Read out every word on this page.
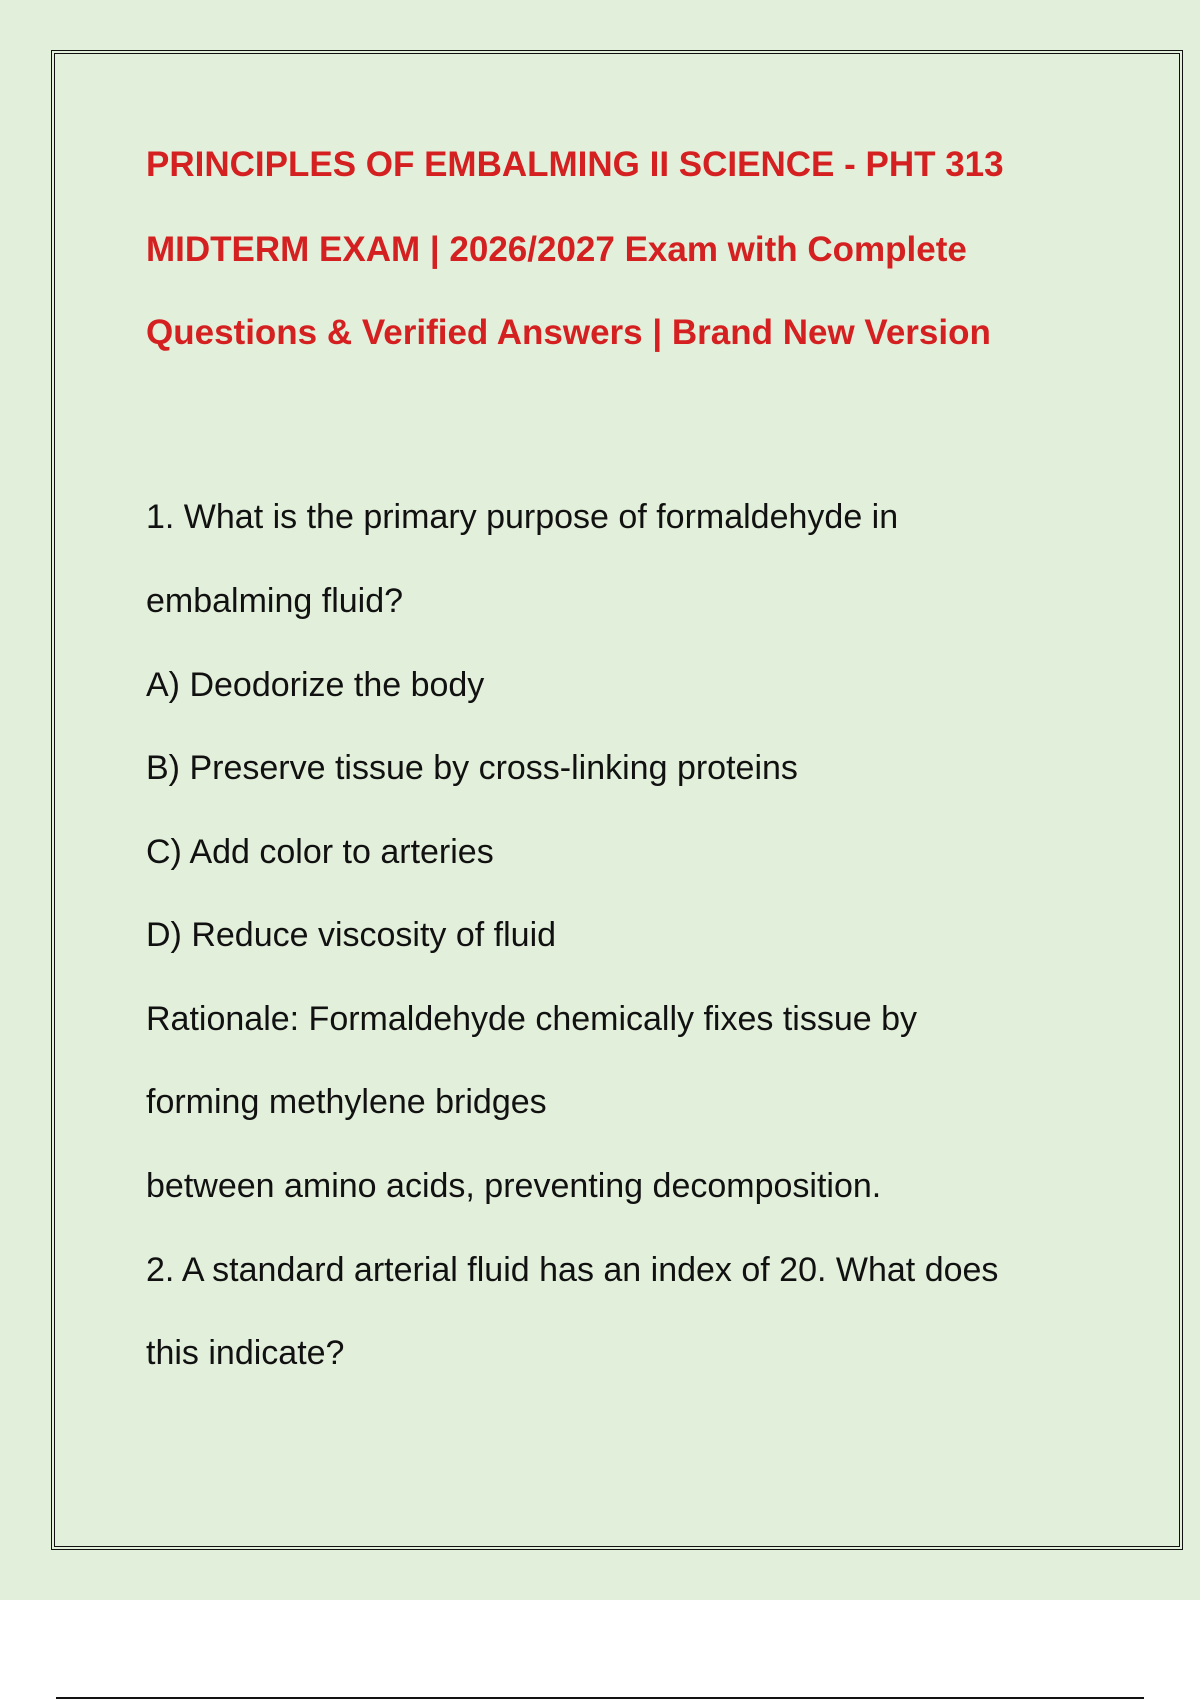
PRINCIPLES OF EMBALMING II SCIENCE - PHT 313
MIDTERM EXAM | 2026/2027 Exam with Complete
Questions & Verified Answers | Brand New Version
1. What is the primary purpose of formaldehyde in
embalming fluid?
A) Deodorize the body
B) Preserve tissue by cross-linking proteins
C) Add color to arteries
D) Reduce viscosity of fluid
Rationale: Formaldehyde chemically fixes tissue by
forming methylene bridges
between amino acids, preventing decomposition.
2. A standard arterial fluid has an index of 20. What does
this indicate?
